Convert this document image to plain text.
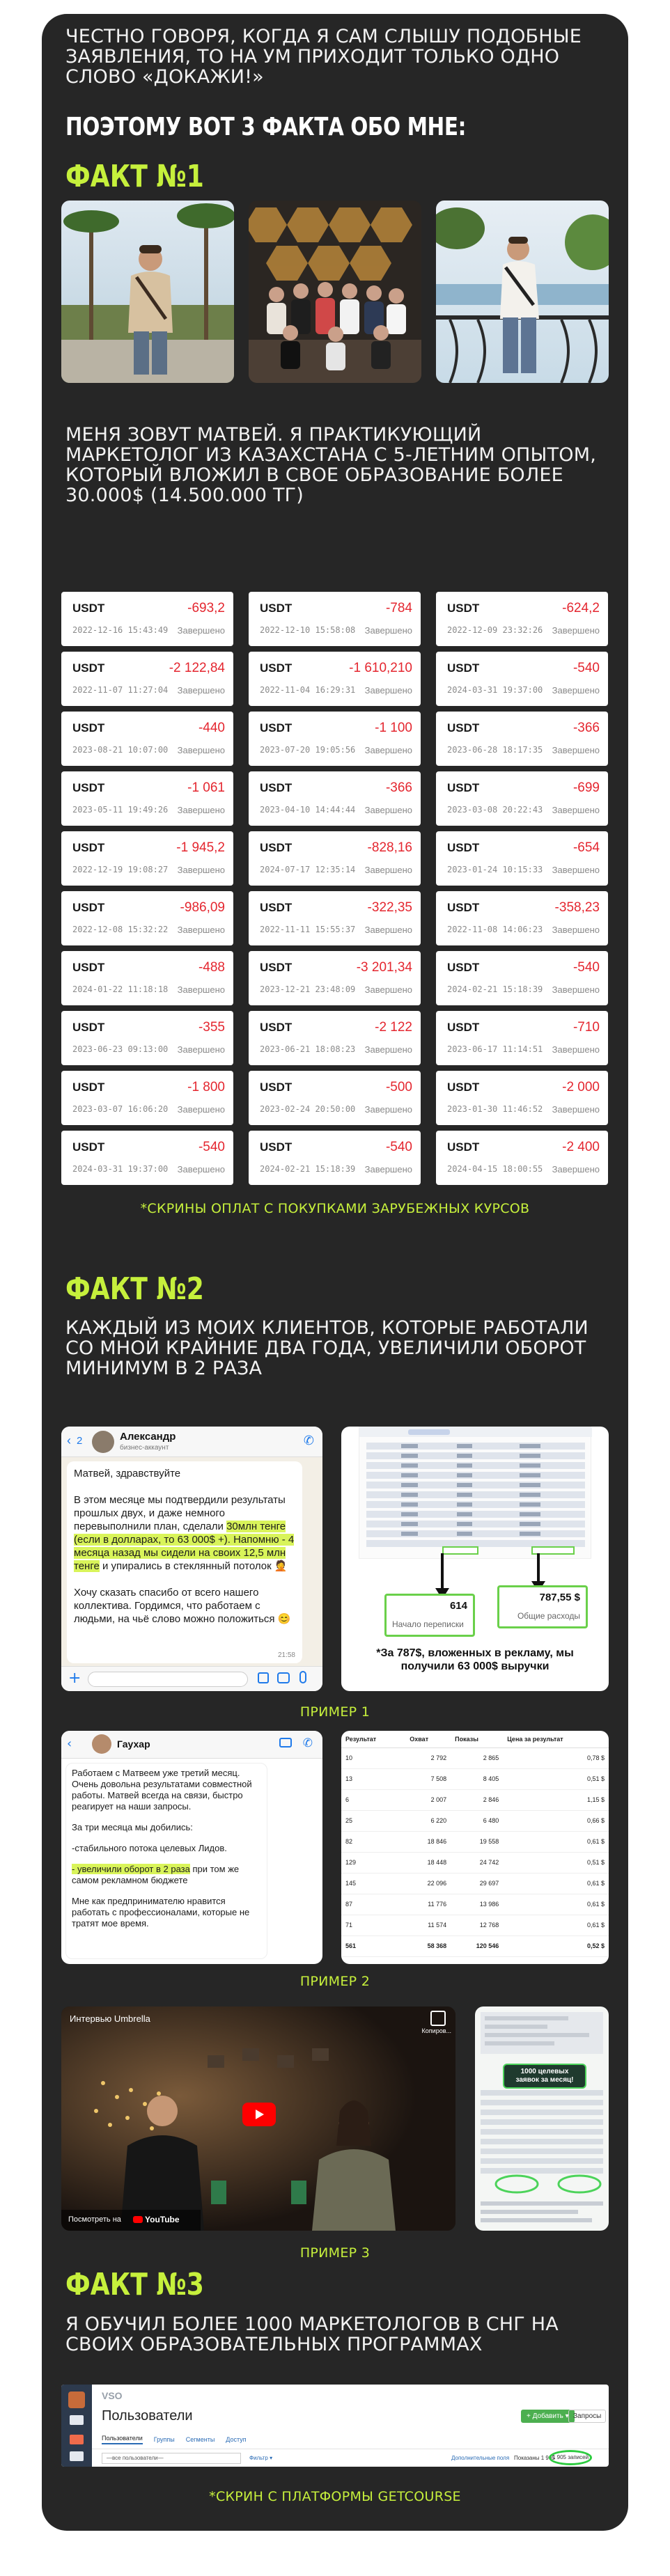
ЧЕСТНО ГОВОРЯ, КОГДА Я САМ СЛЫШУ ПОДОБНЫЕ ЗАЯВЛЕНИЯ, ТО НА УМ ПРИХОДИТ ТОЛЬКО ОДНО СЛОВО «ДОКАЖИ!»
ПОЭТОМУ ВОТ 3 ФАКТА ОБО МНЕ:
ФАКТ №1
МЕНЯ ЗОВУТ МАТВЕЙ. Я ПРАКТИКУЮЩИЙ МАРКЕТОЛОГ ИЗ КАЗАХСТАНА С 5-ЛЕТНИМ ОПЫТОМ, КОТОРЫЙ ВЛОЖИЛ В СВОЕ ОБРАЗОВАНИЕ БОЛЕЕ 30.000$ (14.500.000 ТГ)
USDT	-693,2
2022-12-16 15:43:49 Завершено
USDT	-784
2022-12-10 15:58:08 Завершено
USDT	-624,2
2022-12-09 23:32:26 Завершено
USDT	-2 122,84
2022-11-07 11:27:04 Завершено
USDT	-1 610,210
2022-11-04 16:29:31 Завершено
USDT	-540
2024-03-31 19:37:00 Завершено
USDT	-440
2023-08-21 10:07:00 Завершено
USDT	-1 100
2023-07-20 19:05:56 Завершено
USDT	-366
2023-06-28 18:17:35 Завершено
USDT	-1 061
2023-05-11 19:49:26 Завершено
USDT	-366
2023-04-10 14:44:44 Завершено
USDT	-699
2023-03-08 20:22:43 Завершено
USDT	-1 945,2
2022-12-19 19:08:27 Завершено
USDT	-828,16
2024-07-17 12:35:14 Завершено
USDT	-654
2023-01-24 10:15:33 Завершено
USDT	-986,09
2022-12-08 15:32:22 Завершено
USDT	-322,35
2022-11-11 15:55:37 Завершено
USDT	-358,23
2022-11-08 14:06:23 Завершено
USDT	-488
2024-01-22 11:18:18 Завершено
USDT	-3 201,34
2023-12-21 23:48:09 Завершено
USDT	-540
2024-02-21 15:18:39 Завершено
USDT	-355
2023-06-23 09:13:00 Завершено
USDT	-2 122
2023-06-21 18:08:23 Завершено
USDT	-710
2023-06-17 11:14:51 Завершено
USDT	-1 800
2023-03-07 16:06:20 Завершено
USDT	-500
2023-02-24 20:50:00 Завершено
USDT	-2 000
2023-01-30 11:46:52 Завершено
USDT	-540
2024-03-31 19:37:00 Завершено
USDT	-540
2024-02-21 15:18:39 Завершено
USDT	-2 400
2024-04-15 18:00:55 Завершено
*СКРИНЫ ОПЛАТ С ПОКУПКАМИ ЗАРУБЕЖНЫХ КУРСОВ
ФАКТ №2
КАЖДЫЙ ИЗ МОИХ КЛИЕНТОВ, КОТОРЫЕ РАБОТАЛИ СО МНОЙ КРАЙНИЕ ДВА ГОДА, УВЕЛИЧИЛИ ОБОРОТ МИНИМУМ В 2 РАЗА
‹ 2	Александр
бизнес-аккаунт	✆
Матвей, здравствуйте
В этом месяце мы подтвердили результаты прошлых двух, и даже немного перевыполнили план, сделали 30млн тенге (если в долларах, то 63 000$ +). Напомню - 4 месяца назад мы сидели на своих 12,5 млн тенге и упирались в стеклянный потолок 🤦
Хочу сказать спасибо от всего нашего коллектива. Гордимся, что работаем с людьми, на чьё слово можно положиться 😊
21:58
+
614
Начало переписки
787,55 $
Общие расходы
*За 787$, вложенных в рекламу, мы получили 63 000$ выручки
ПРИМЕР 1
‹	Гаухар	✆
Работаем с Матвеем уже третий месяц. Очень довольна результатами совместной работы. Матвей всегда на связи, быстро реагирует на наши запросы.
За три месяца мы добились:
-стабильного потока целевых Лидов.
- увеличили оборот в 2 раза при том же самом рекламном бюджете
Мне как предпринимателю нравится работать с профессионалами, которые не тратят мое время.
Результат	Охват	Показы	Цена за результат
10	2 792	2 865	0,78 $
13	7 508	8 405	0,51 $
6	2 007	2 846	1,15 $
25	6 220	6 480	0,66 $
82	18 846	19 558	0,61 $
129	18 448	24 742	0,51 $
145	22 096	29 697	0,61 $
87	11 776	13 986	0,61 $
71	11 574	12 768	0,61 $
561	58 368	120 546	0,52 $
ПРИМЕР 2
Интервью Umbrella
Копиров...
Посмотреть на	YouTube
1000 целевых заявок за месяц!
ПРИМЕР 3
ФАКТ №3
Я ОБУЧИЛ БОЛЕЕ 1000 МАРКЕТОЛОГОВ В СНГ НА СВОИХ ОБРАЗОВАТЕЛЬНЫХ ПРОГРАММАХ
VSO
Пользователи	+ Добавить ▾ Запросы
Пользователи Группы Сегменты Доступ
—все пользователи—	Фильтр ▾	Дополнительные поля Показаны 1 905
1 905 записей
*СКРИН С ПЛАТФОРМЫ GETCOURSE
